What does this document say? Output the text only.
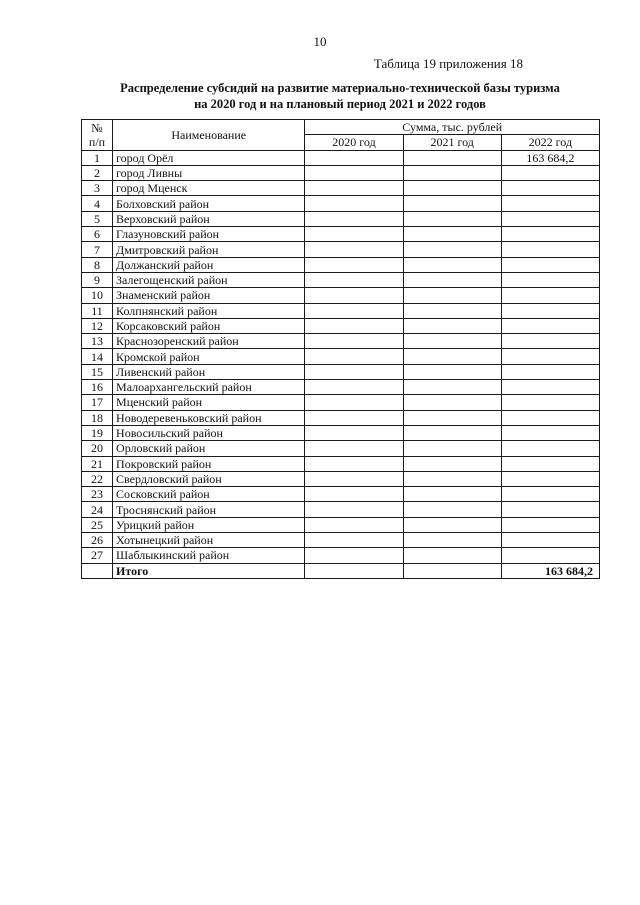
10
Таблица 19 приложения 18
Распределение субсидий на развитие материально-технической базы туризма
на 2020 год и на плановый период 2021 и 2022 годов
№
п/п	Наименование	Сумма, тыс. рублей		
		2020 год	2021 год	2022 год
1	город Орёл			163 684,2
2	город Ливны			
3	город Мценск			
4	Болховский район			
5	Верховский район			
6	Глазуновский район			
7	Дмитровский район			
8	Должанский район			
9	Залегощенский район			
10	Знаменский район			
11	Колпнянский район			
12	Корсаковский район			
13	Краснозоренский район			
14	Кромской район			
15	Ливенский район			
16	Малоархангельский район			
17	Мценский район			
18	Новодеревеньковский район			
19	Новосильский район			
20	Орловский район			
21	Покровский район			
22	Свердловский район			
23	Сосковский район			
24	Троснянский район			
25	Урицкий район			
26	Хотынецкий район			
27	Шаблыкинский район			
	Итого			163 684,2
